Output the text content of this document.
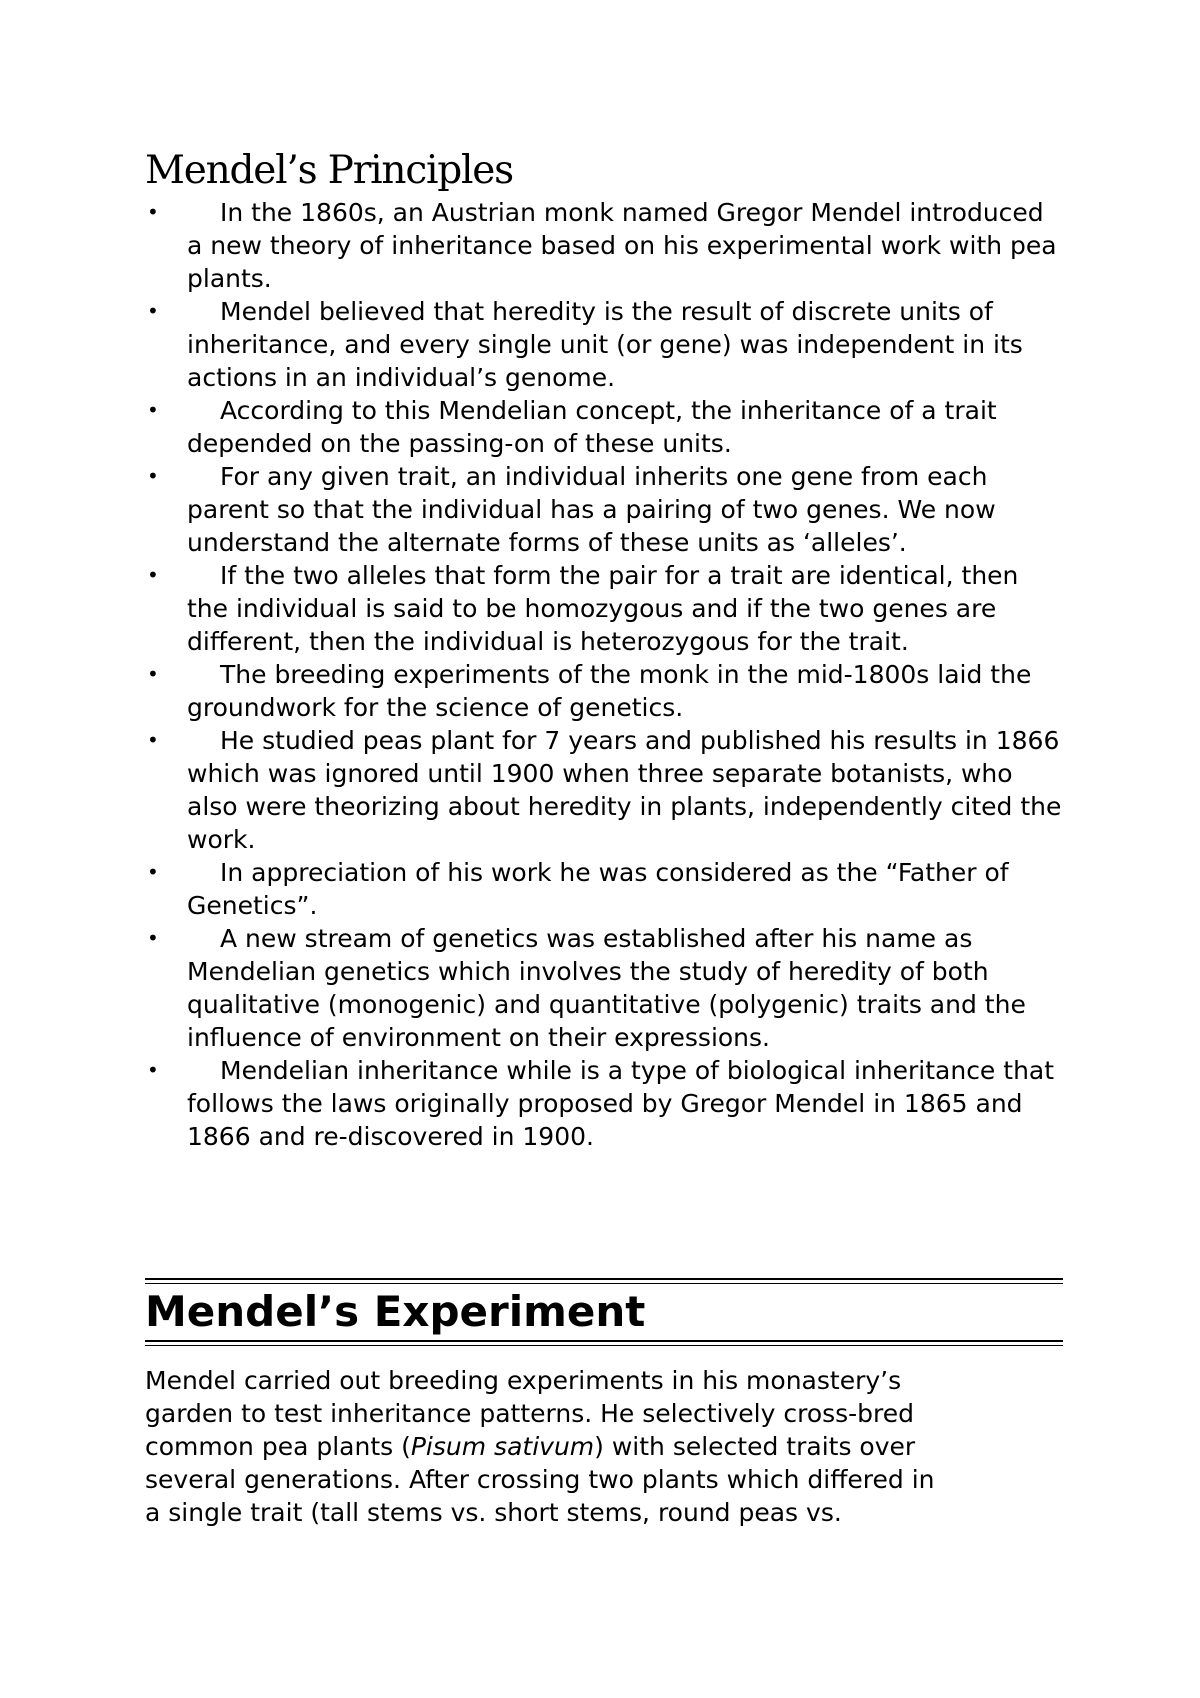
Mendel’s Principles
•	In the 1860s, an Austrian monk named Gregor Mendel introduced a new theory of inheritance based on his experimental work with pea plants.
•	Mendel believed that heredity is the result of discrete units of inheritance, and every single unit (or gene) was independent in its actions in an individual’s genome.
•	According to this Mendelian concept, the inheritance of a trait depended on the passing-on of these units.
•	For any given trait, an individual inherits one gene from each parent so that the individual has a pairing of two genes. We now understand the alternate forms of these units as ‘alleles’.
•	If the two alleles that form the pair for a trait are identical, then the individual is said to be homozygous and if the two genes are different, then the individual is heterozygous for the trait.
•	The breeding experiments of the monk in the mid-1800s laid the groundwork for the science of genetics.
•	He studied peas plant for 7 years and published his results in 1866 which was ignored until 1900 when three separate botanists, who also were theorizing about heredity in plants, independently cited the work.
•	In appreciation of his work he was considered as the “Father of Genetics”.
•	A new stream of genetics was established after his name as Mendelian genetics which involves the study of heredity of both qualitative (monogenic) and quantitative (polygenic) traits and the influence of environment on their expressions.
•	Mendelian inheritance while is a type of biological inheritance that follows the laws originally proposed by Gregor Mendel in 1865 and 1866 and re-discovered in 1900.
Mendel’s Experiment

Mendel carried out breeding experiments in his monastery’s
garden to test inheritance patterns. He selectively cross-bred
common pea plants (Pisum sativum) with selected traits over
several generations. After crossing two plants which differed in
a single trait (tall stems vs. short stems, round peas vs.
